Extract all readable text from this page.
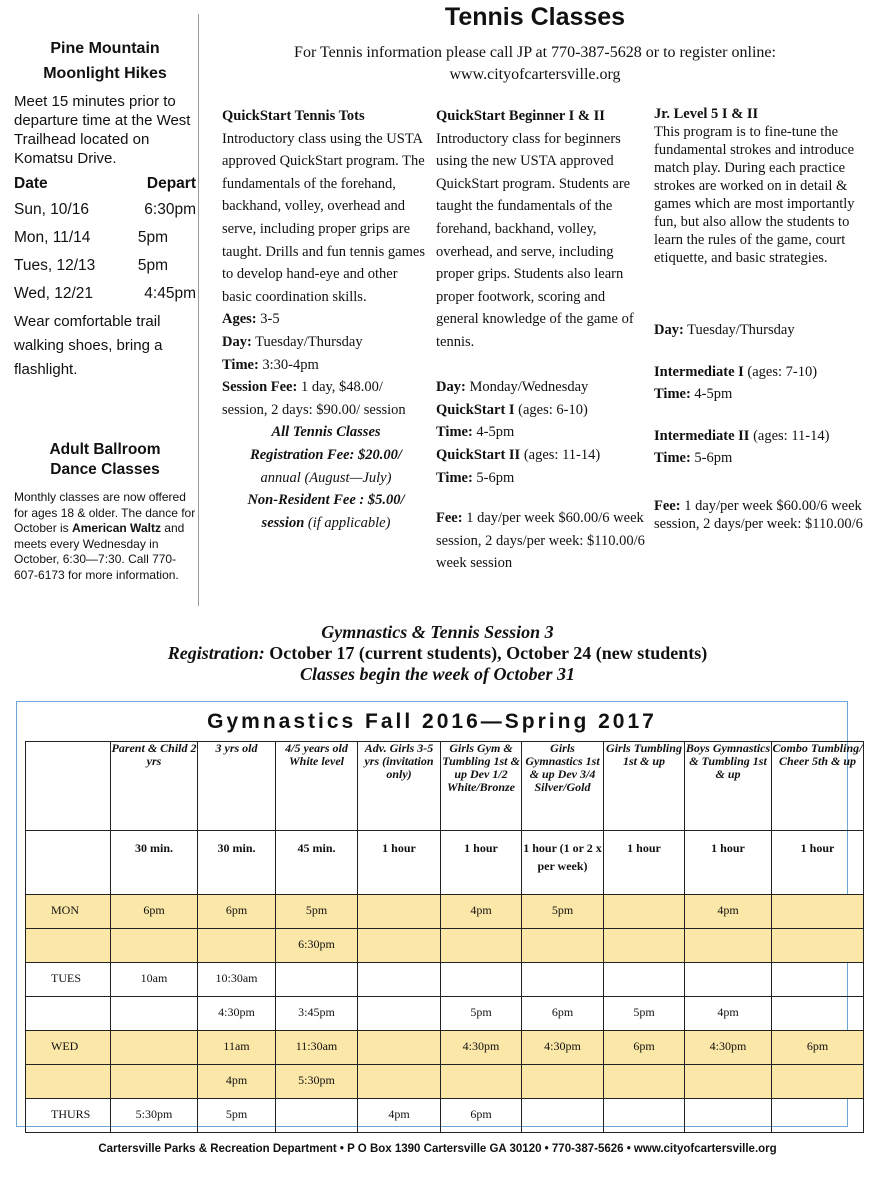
Pine Mountain
Moonlight Hikes
Meet 15 minutes prior to departure time at the West Trailhead located on Komatsu Drive.
Date	Depart
Sun, 10/16	6:30pm
Mon, 11/14	5pm
Tues, 12/13	5pm
Wed, 12/21	4:45pm
Wear comfortable trail walking shoes, bring a flashlight.
Adult Ballroom
Dance Classes
Monthly classes are now offered for ages 18 & older. The dance for October is American Waltz and meets every Wednesday in October, 6:30—7:30. Call 770-607-6173 for more information.
Tennis Classes
For Tennis information please call JP at 770-387-5628 or to register online:
www.cityofcartersville.org
QuickStart Tennis Tots
Introductory class using the USTA approved QuickStart program. The fundamentals of the forehand, backhand, volley, overhead and serve, including proper grips are taught. Drills and fun tennis games to develop hand-eye and other basic coordination skills.
Ages: 3-5
Day: Tuesday/Thursday
Time: 3:30-4pm
Session Fee: 1 day, $48.00/ session, 2 days: $90.00/ session
All Tennis Classes
Registration Fee: $20.00/
annual (August—July)
Non-Resident Fee : $5.00/
session (if applicable)
QuickStart Beginner I & II
Introductory class for beginners using the new USTA approved QuickStart program. Students are taught the fundamentals of the forehand, backhand, volley, overhead, and serve, including proper grips. Students also learn proper footwork, scoring and general knowledge of the game of tennis.
Day: Monday/Wednesday
QuickStart I (ages: 6-10)
Time: 4-5pm
QuickStart II (ages: 11-14)
Time: 5-6pm
Fee: 1 day/per week $60.00/6 week session, 2 days/per week: $110.00/6 week session
Jr. Level 5 I & II
This program is to fine-tune the fundamental strokes and introduce match play. During each practice strokes are worked on in detail & games which are most importantly fun, but also allow the students to learn the rules of the game, court etiquette, and basic strategies.
Day: Tuesday/Thursday
Intermediate I (ages: 7-10)
Time: 4-5pm
Intermediate II (ages: 11-14)
Time: 5-6pm
Fee: 1 day/per week $60.00/6 week session, 2 days/per week: $110.00/6
Gymnastics & Tennis Session 3
Registration: October 17 (current students), October 24 (new students)
Classes begin the week of October 31
Gymnastics Fall 2016—Spring 2017
	Parent & Child 2 yrs	3 yrs old	4/5 years old White level	Adv. Girls 3-5 yrs (invitation only)	Girls Gym & Tumbling 1st & up Dev 1/2 White/Bronze	Girls Gymnastics 1st & up Dev 3/4 Silver/Gold	Girls Tumbling 1st & up	Boys Gymnastics & Tumbling 1st & up	Combo Tumbling/ Cheer 5th & up
	30 min.	30 min.	45 min.	1 hour	1 hour	1 hour (1 or 2 x per week)	1 hour	1 hour	1 hour
MON	6pm	6pm	5pm		4pm	5pm		4pm	
			6:30pm						
TUES	10am	10:30am							
		4:30pm	3:45pm		5pm	6pm	5pm	4pm	
WED		11am	11:30am		4:30pm	4:30pm	6pm	4:30pm	6pm
		4pm	5:30pm						
THURS	5:30pm	5pm		4pm	6pm				
Cartersville Parks & Recreation Department • P O Box 1390 Cartersville GA 30120 • 770-387-5626 • www.cityofcartersville.org
